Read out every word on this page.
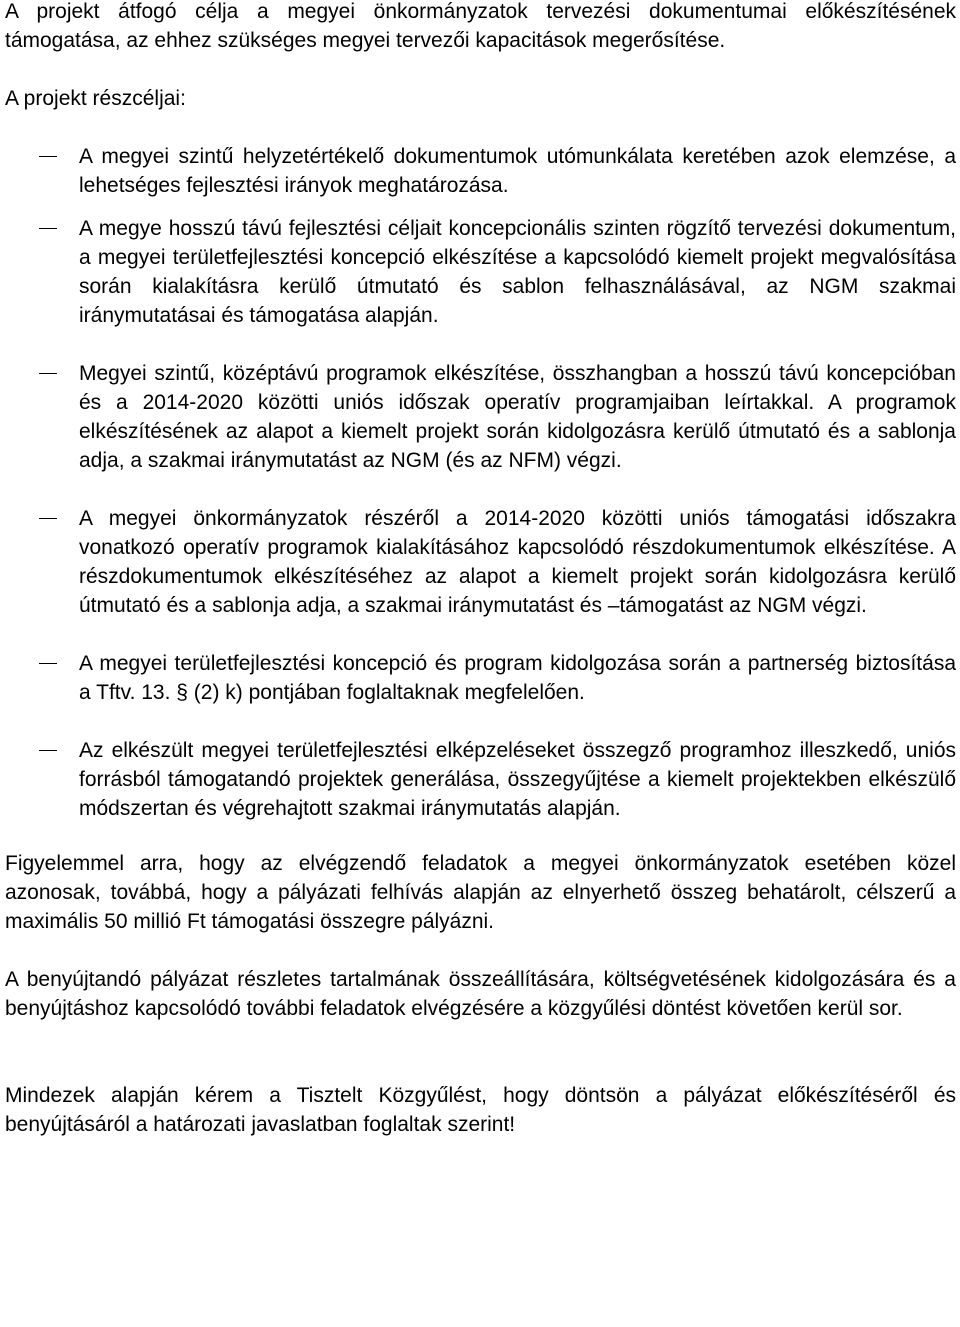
A projekt átfogó célja a megyei önkormányzatok tervezési dokumentumai előkészítésének támogatása, az ehhez szükséges megyei tervezői kapacitások megerősítése.

A projekt részcéljai:

A megyei szintű helyzetértékelő dokumentumok utómunkálata keretében azok elemzése, a lehetséges fejlesztési irányok meghatározása.
A megye hosszú távú fejlesztési céljait koncepcionális szinten rögzítő tervezési dokumentum, a megyei területfejlesztési koncepció elkészítése a kapcsolódó kiemelt projekt megvalósítása során kialakításra kerülő útmutató és sablon felhasználásával, az NGM szakmai iránymutatásai és támogatása alapján.
Megyei szintű, középtávú programok elkészítése, összhangban a hosszú távú koncepcióban és a 2014-2020 közötti uniós időszak operatív programjaiban leírtakkal. A programok elkészítésének az alapot a kiemelt projekt során kidolgozásra kerülő útmutató és a sablonja adja, a szakmai iránymutatást az NGM (és az NFM) végzi.
A megyei önkormányzatok részéről a 2014-2020 közötti uniós támogatási időszakra vonatkozó operatív programok kialakításához kapcsolódó részdokumentumok elkészítése. A részdokumentumok elkészítéséhez az alapot a kiemelt projekt során kidolgozásra kerülő útmutató és a sablonja adja, a szakmai iránymutatást és –támogatást az NGM végzi.
A megyei területfejlesztési koncepció és program kidolgozása során a partnerség biztosítása a Tftv. 13. § (2) k) pontjában foglaltaknak megfelelően.
Az elkészült megyei területfejlesztési elképzeléseket összegző programhoz illeszkedő, uniós forrásból támogatandó projektek generálása, összegyűjtése a kiemelt projektekben elkészülő módszertan és végrehajtott szakmai iránymutatás alapján.

Figyelemmel arra, hogy az elvégzendő feladatok a megyei önkormányzatok esetében közel azonosak, továbbá, hogy a pályázati felhívás alapján az elnyerhető összeg behatárolt, célszerű a maximális 50 millió Ft támogatási összegre pályázni.

A benyújtandó pályázat részletes tartalmának összeállítására, költségvetésének kidolgozására és a benyújtáshoz kapcsolódó további feladatok elvégzésére a közgyűlési döntést követően kerül sor.

Mindezek alapján kérem a Tisztelt Közgyűlést, hogy döntsön a pályázat előkészítéséről és benyújtásáról a határozati javaslatban foglaltak szerint!
